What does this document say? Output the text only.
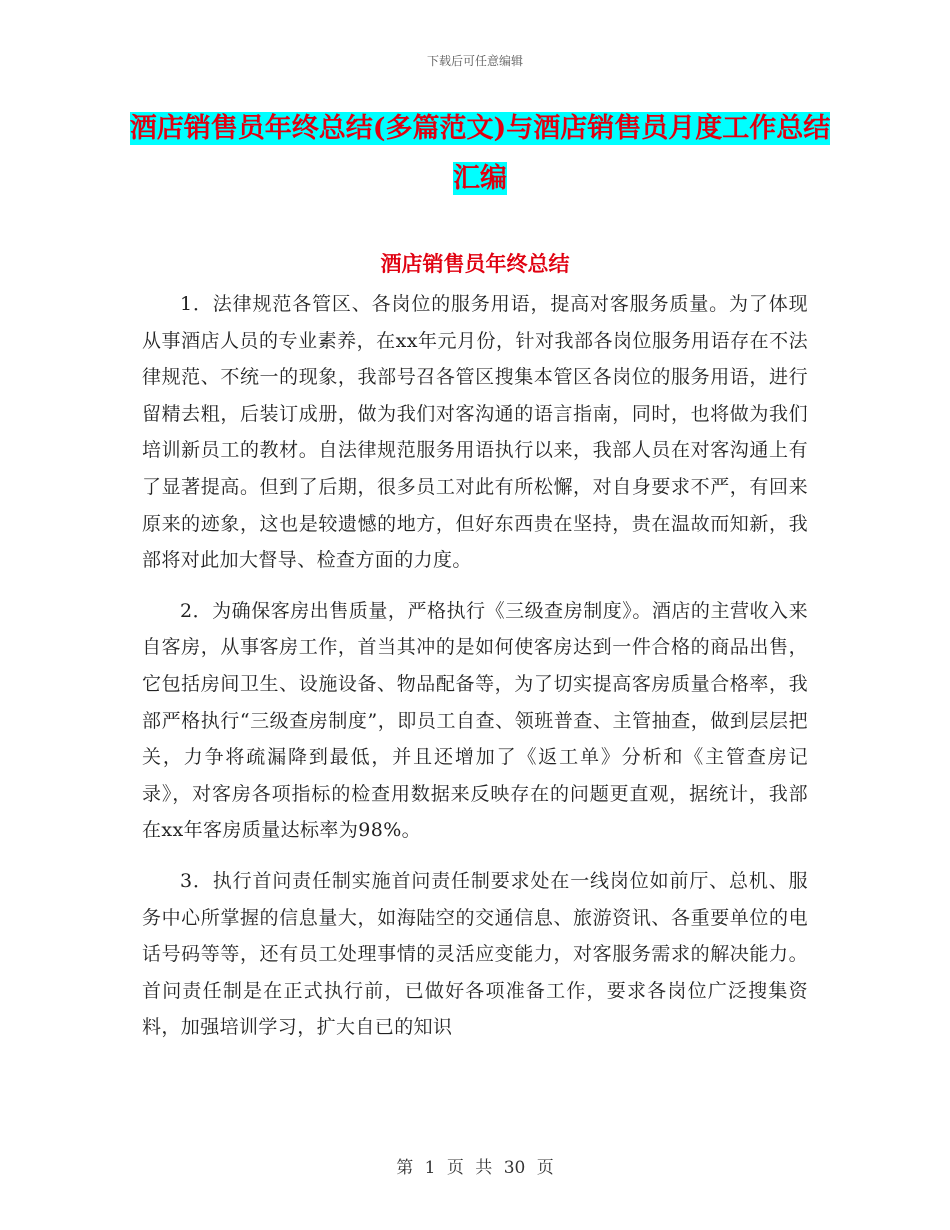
下载后可任意编辑
酒店销售员年终总结(多篇范文)与酒店销售员月度工作总结汇编
酒店销售员年终总结

1．法律规范各管区、各岗位的服务用语，提高对客服务质量。为了体现从事酒店人员的专业素养，在xx年元月份，针对我部各岗位服务用语存在不法律规范、不统一的现象，我部号召各管区搜集本管区各岗位的服务用语，进行留精去粗，后装订成册，做为我们对客沟通的语言指南，同时，也将做为我们培训新员工的教材。自法律规范服务用语执行以来，我部人员在对客沟通上有了显著提高。但到了后期，很多员工对此有所松懈，对自身要求不严，有回来原来的迹象，这也是较遗憾的地方，但好东西贵在坚持，贵在温故而知新，我部将对此加大督导、检查方面的力度。

2．为确保客房出售质量，严格执行《三级查房制度》。酒店的主营收入来自客房，从事客房工作，首当其冲的是如何使客房达到一件合格的商品出售，它包括房间卫生、设施设备、物品配备等，为了切实提高客房质量合格率，我部严格执行“三级查房制度”，即员工自查、领班普查、主管抽查，做到层层把关，力争将疏漏降到最低，并且还增加了《返工单》分析和《主管查房记录》，对客房各项指标的检查用数据来反映存在的问题更直观，据统计，我部在xx年客房质量达标率为98%。

3．执行首问责任制实施首问责任制要求处在一线岗位如前厅、总机、服务中心所掌握的信息量大，如海陆空的交通信息、旅游资讯、各重要单位的电话号码等等，还有员工处理事情的灵活应变能力，对客服务需求的解决能力。首问责任制是在正式执行前，已做好各项准备工作，要求各岗位广泛搜集资料，加强培训学习，扩大自已的知识

第 1 页 共 30 页
